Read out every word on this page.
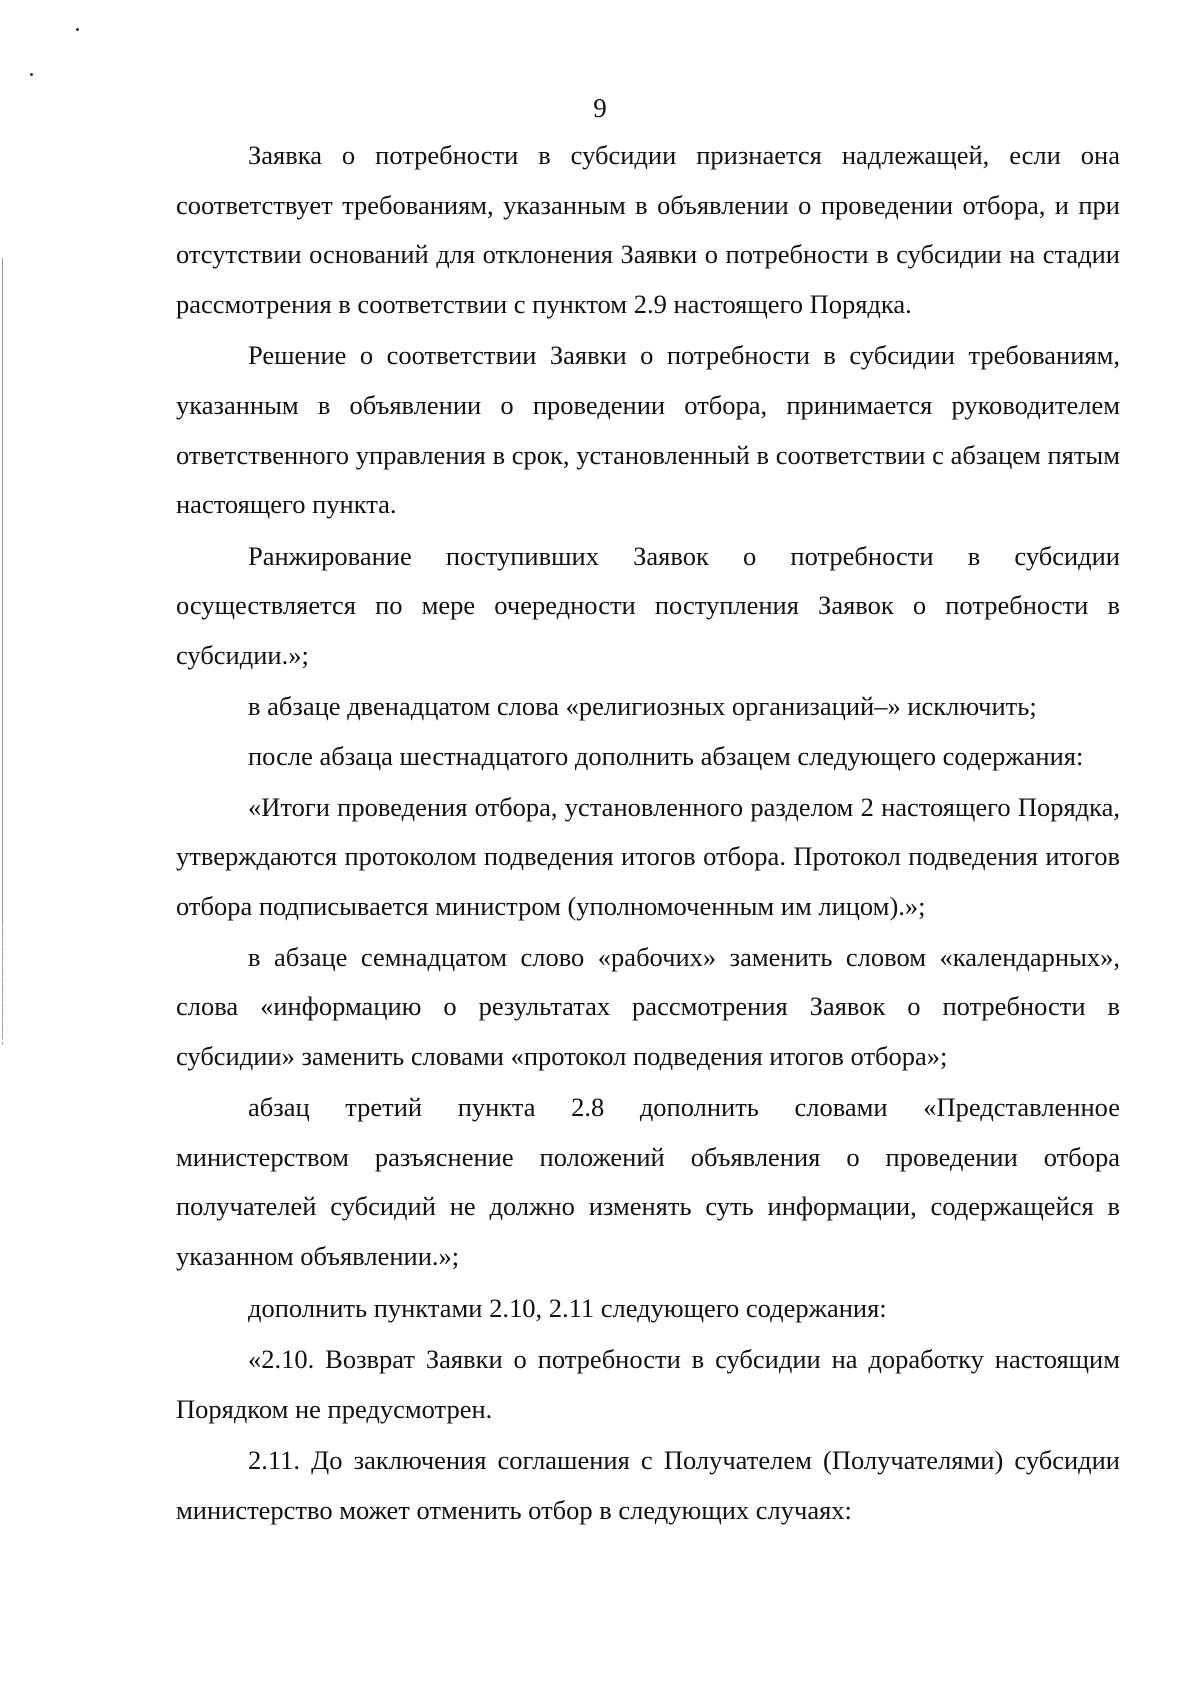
9

Заявка о потребности в субсидии признается надлежащей, если она соответствует требованиям, указанным в объявлении о проведении отбора, и при отсутствии оснований для отклонения Заявки о потребности в субсидии на стадии рассмотрения в соответствии с пунктом 2.9 настоящего Порядка.

Решение о соответствии Заявки о потребности в субсидии требованиям, указанным в объявлении о проведении отбора, принимается руководителем ответственного управления в срок, установленный в соответствии с абзацем пятым настоящего пункта.

Ранжирование поступивших Заявок о потребности в субсидии осуществляется по мере очередности поступления Заявок о потребности в субсидии.»;

в абзаце двенадцатом слова «религиозных организаций–» исключить;

после абзаца шестнадцатого дополнить абзацем следующего содержания:

«Итоги проведения отбора, установленного разделом 2 настоящего Порядка, утверждаются протоколом подведения итогов отбора. Протокол подведения итогов отбора подписывается министром (уполномоченным им лицом).»;

в абзаце семнадцатом слово «рабочих» заменить словом «календарных», слова «информацию о результатах рассмотрения Заявок о потребности в субсидии» заменить словами «протокол подведения итогов отбора»;

абзац третий пункта 2.8 дополнить словами «Представленное министерством разъяснение положений объявления о проведении отбора получателей субсидий не должно изменять суть информации, содержащейся в указанном объявлении.»;

дополнить пунктами 2.10, 2.11 следующего содержания:

«2.10. Возврат Заявки о потребности в субсидии на доработку настоящим Порядком не предусмотрен.

2.11. До заключения соглашения с Получателем (Получателями) субсидии министерство может отменить отбор в следующих случаях:
